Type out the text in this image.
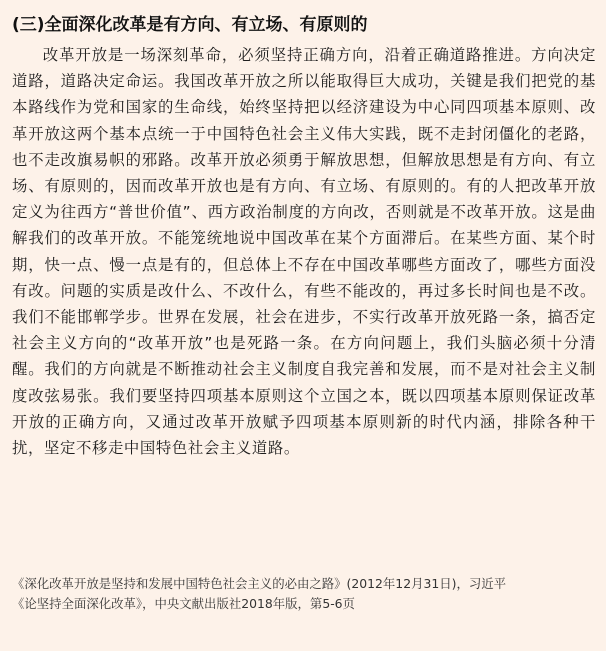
(三)全面深化改革是有方向、有立场、有原则的

改革开放是一场深刻革命，必须坚持正确方向，沿着正确道路推进。方向决定道路，道路决定命运。我国改革开放之所以能取得巨大成功，关键是我们把党的基本路线作为党和国家的生命线，始终坚持把以经济建设为中心同四项基本原则、改革开放这两个基本点统一于中国特色社会主义伟大实践，既不走封闭僵化的老路，也不走改旗易帜的邪路。改革开放必须勇于解放思想，但解放思想是有方向、有立场、有原则的，因而改革开放也是有方向、有立场、有原则的。有的人把改革开放定义为往西方“普世价值”、西方政治制度的方向改，否则就是不改革开放。这是曲解我们的改革开放。不能笼统地说中国改革在某个方面滞后。在某些方面、某个时期，快一点、慢一点是有的，但总体上不存在中国改革哪些方面改了，哪些方面没有改。问题的实质是改什么、不改什么，有些不能改的，再过多长时间也是不改。我们不能邯郸学步。世界在发展，社会在进步，不实行改革开放死路一条，搞否定社会主义方向的“改革开放”也是死路一条。在方向问题上，我们头脑必须十分清醒。我们的方向就是不断推动社会主义制度自我完善和发展，而不是对社会主义制度改弦易张。我们要坚持四项基本原则这个立国之本，既以四项基本原则保证改革开放的正确方向，又通过改革开放赋予四项基本原则新的时代内涵，排除各种干扰，坚定不移走中国特色社会主义道路。

《深化改革开放是坚持和发展中国特色社会主义的必由之路》(2012年12月31日)，习近平
《论坚持全面深化改革》，中央文献出版社2018年版，第5-6页
